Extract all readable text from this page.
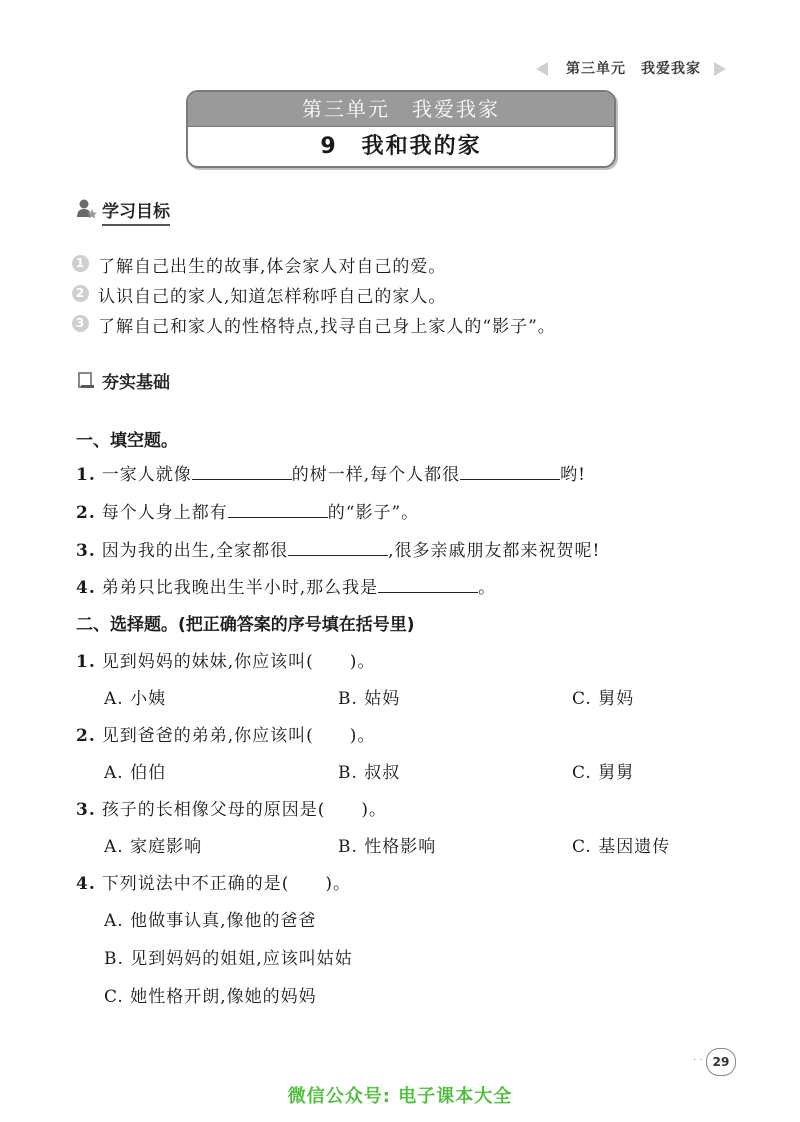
第三单元　我爱我家
第三单元　我爱我家
9　我和我的家
学习目标
1 了解自己出生的故事,体会家人对自己的爱。
2 认识自己的家人,知道怎样称呼自己的家人。
3 了解自己和家人的性格特点,找寻自己身上家人的“影子”。
夯实基础
一、填空题。
1. 一家人就像	的树一样,每个人都很	哟!
2. 每个人身上都有	的“影子”。
3. 因为我的出生,全家都很	,很多亲戚朋友都来祝贺呢!
4. 弟弟只比我晚出生半小时,那么我是	。
二、选择题。(把正确答案的序号填在括号里)
1. 见到妈妈的妹妹,你应该叫(　　)。
A. 小姨	B. 姑妈	C. 舅妈
2. 见到爸爸的弟弟,你应该叫(　　)。
A. 伯伯	B. 叔叔	C. 舅舅
3. 孩子的长相像父母的原因是(　　)。
A. 家庭影响	B. 性格影响	C. 基因遗传
4. 下列说法中不正确的是(　　)。
A. 他做事认真,像他的爸爸
B. 见到妈妈的姐姐,应该叫姑姑
C. 她性格开朗,像她的妈妈
· · 29
微信公众号: 电子课本大全
